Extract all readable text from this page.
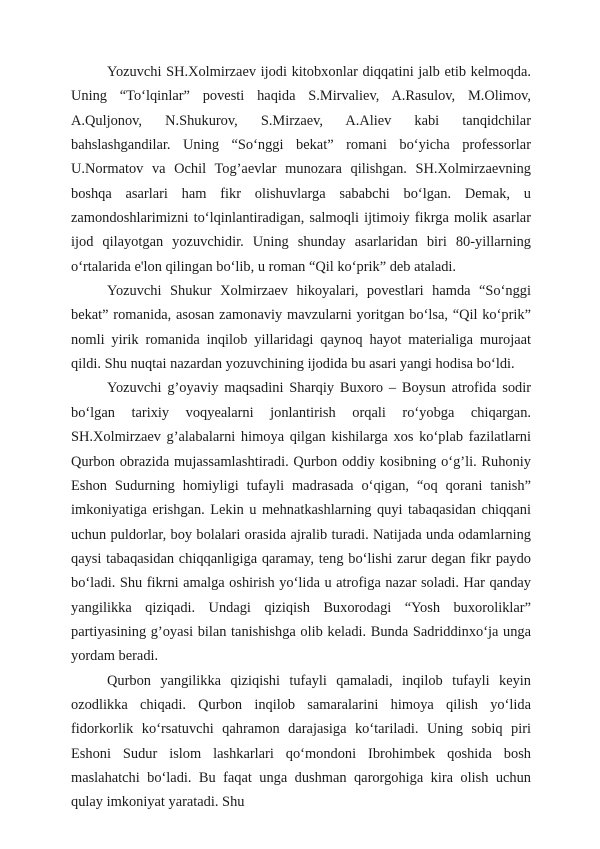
Yozuvchi SH.Xolmirzaev ijodi kitobxonlar diqqatini jalb etib kelmoqda. Uning “To‘lqinlar” povesti haqida S.Mirvaliev, A.Rasulov, M.Olimov, A.Quljonov, N.Shukurov, S.Mirzaev, A.Aliev kabi tanqidchilar bahslashgandilar. Uning “So‘nggi bekat” romani bo‘yicha professorlar U.Normatov va Ochil Tog’aevlar munozara qilishgan. SH.Xolmirzaevning boshqa asarlari ham fikr olishuvlarga sababchi bo‘lgan. Demak, u zamondoshlarimizni to‘lqinlantiradigan, salmoqli ijtimoiy fikrga molik asarlar ijod qilayotgan yozuvchidir. Uning shunday asarlaridan biri 80-yillarning o‘rtalarida e'lon qilingan bo‘lib, u roman “Qil ko‘prik” deb ataladi.

Yozuvchi Shukur Xolmirzaev hikoyalari, povestlari hamda “So‘nggi bekat” romanida, asosan zamonaviy mavzularni yoritgan bo‘lsa, “Qil ko‘prik” nomli yirik romanida inqilob yillaridagi qaynoq hayot materialiga murojaat qildi. Shu nuqtai nazardan yozuvchining ijodida bu asari yangi hodisa bo‘ldi.

Yozuvchi g’oyaviy maqsadini Sharqiy Buxoro – Boysun atrofida sodir bo‘lgan tarixiy voqyealarni jonlantirish orqali ro‘yobga chiqargan. SH.Xolmirzaev g’alabalarni himoya qilgan kishilarga xos ko‘plab fazilatlarni Qurbon obrazida mujassamlashtiradi. Qurbon oddiy kosibning o‘g’li. Ruhoniy Eshon Sudurning homiyligi tufayli madrasada o‘qigan, “oq qorani tanish” imkoniyatiga erishgan. Lekin u mehnatkashlarning quyi tabaqasidan chiqqani uchun puldorlar, boy bolalari orasida ajralib turadi. Natijada unda odamlarning qaysi tabaqasidan chiqqanligiga qaramay, teng bo‘lishi zarur degan fikr paydo bo‘ladi. Shu fikrni amalga oshirish yo‘lida u atrofiga nazar soladi. Har qanday yangilikka qiziqadi. Undagi qiziqish Buxorodagi “Yosh buxoroliklar” partiyasining g’oyasi bilan tanishishga olib keladi. Bunda Sadriddinxo‘ja unga yordam beradi.

Qurbon yangilikka qiziqishi tufayli qamaladi, inqilob tufayli keyin ozodlikka chiqadi. Qurbon inqilob samaralarini himoya qilish yo‘lida fidorkorlik ko‘rsatuvchi qahramon darajasiga ko‘tariladi. Uning sobiq piri Eshoni Sudur islom lashkarlari qo‘mondoni Ibrohimbek qoshida bosh maslahatchi bo‘ladi. Bu faqat unga dushman qarorgohiga kira olish uchun qulay imkoniyat yaratadi. Shu
